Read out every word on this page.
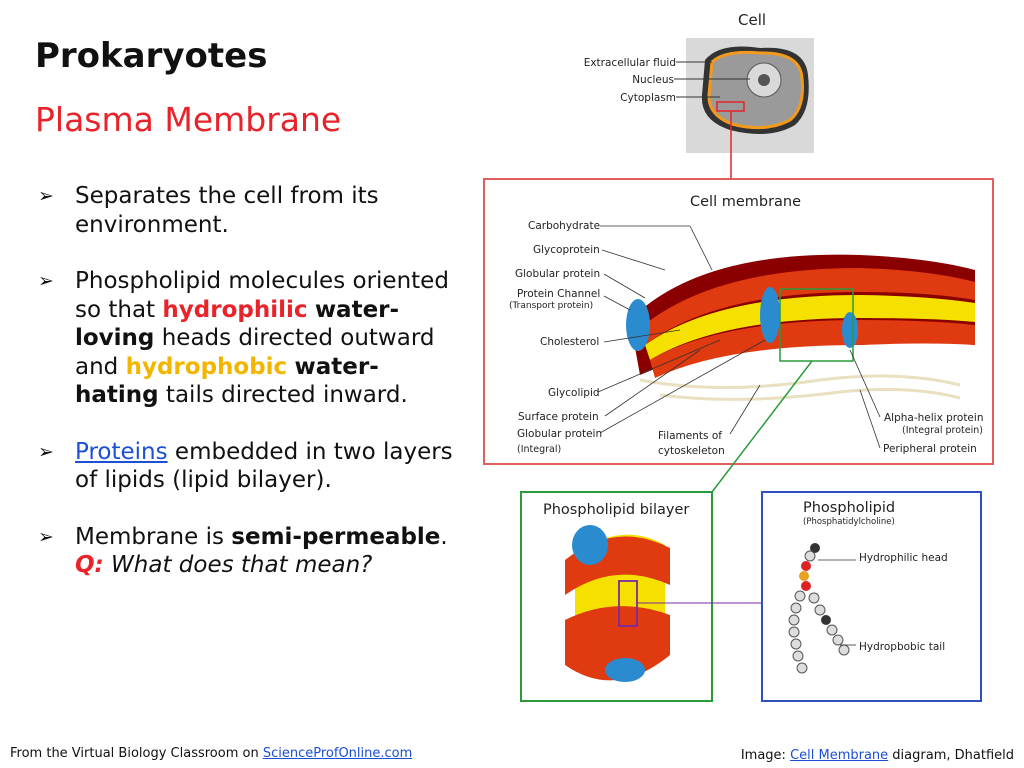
Prokaryotes
Plasma Membrane
➢ Separates the cell from its environment.
➢ Phospholipid molecules oriented so that hydrophilic water-loving heads directed outward and hydrophobic water-hating tails directed inward.
➢ Proteins embedded in two layers of lipids (lipid bilayer).
➢ Membrane is semi-permeable.
Q: What does that mean?
Cell
Extracellular fluid
Nucleus
Cytoplasm
Cell membrane
Carbohydrate
Glycoprotein
Globular protein
Protein Channel
(Transport protein)
Cholesterol
Glycolipid
Surface protein
Globular protein
(Integral)
Filaments of
cytoskeleton
Alpha-helix protein
(Integral protein)
Peripheral protein
Phospholipid bilayer	Phospholipid
(Phosphatidylcholine)
Hydrophilic head
Hydropbobic tail
From the Virtual Biology Classroom on ScienceProfOnline.com	Image: Cell Membrane diagram, Dhatfield
